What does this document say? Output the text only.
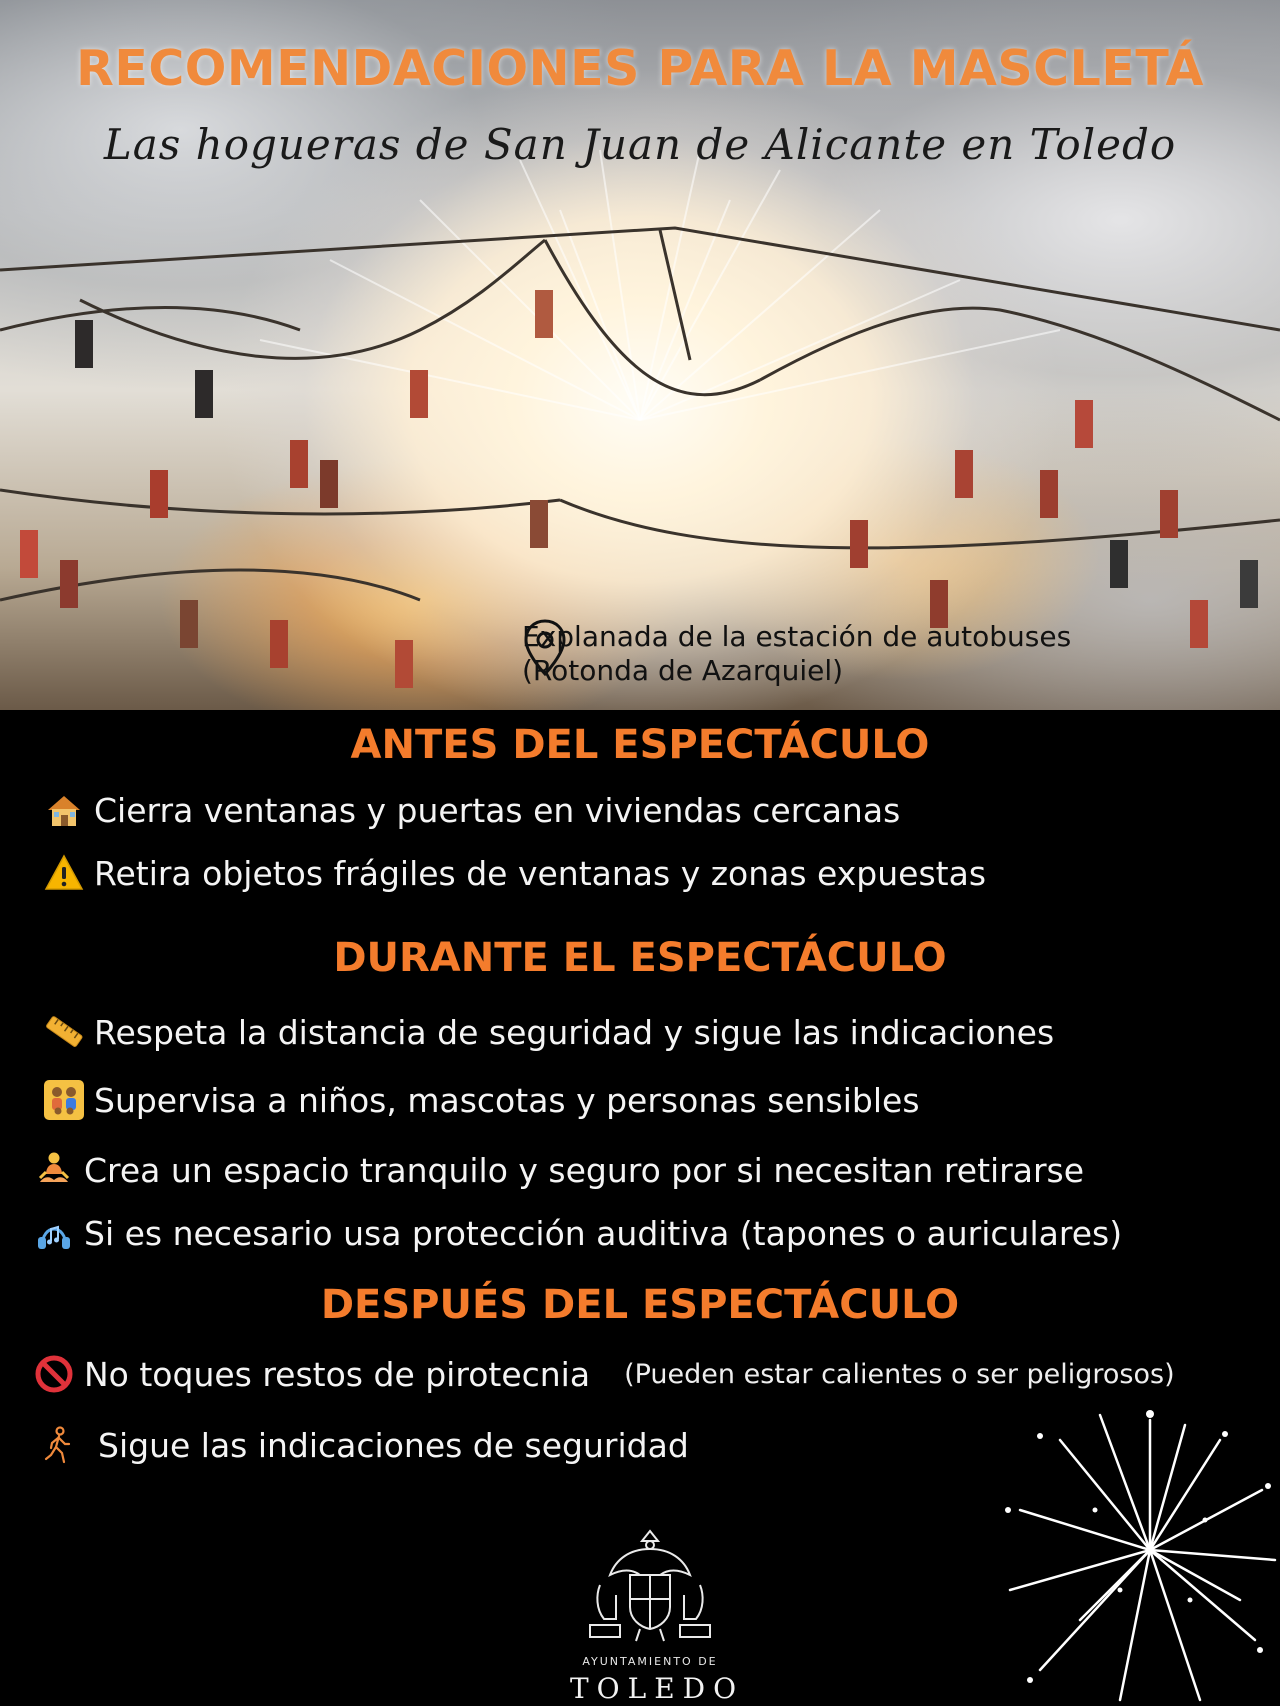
RECOMENDACIONES PARA LA MASCLETÁ
Las hogueras de San Juan de Alicante en Toledo
Explanada de la estación de autobuses
(Rotonda de Azarquiel)
ANTES DEL ESPECTÁCULO
Cierra ventanas y puertas en viviendas cercanas
Retira objetos frágiles de ventanas y zonas expuestas
DURANTE EL ESPECTÁCULO
Respeta la distancia de seguridad y sigue las indicaciones
Supervisa a niños, mascotas y personas sensibles
Crea un espacio tranquilo y seguro por si necesitan retirarse
Si es necesario usa protección auditiva (tapones o auriculares)
DESPUÉS DEL ESPECTÁCULO
No toques restos de pirotecnia (Pueden estar calientes o ser peligrosos)
Sigue las indicaciones de seguridad
AYUNTAMIENTO DE
TOLEDO
